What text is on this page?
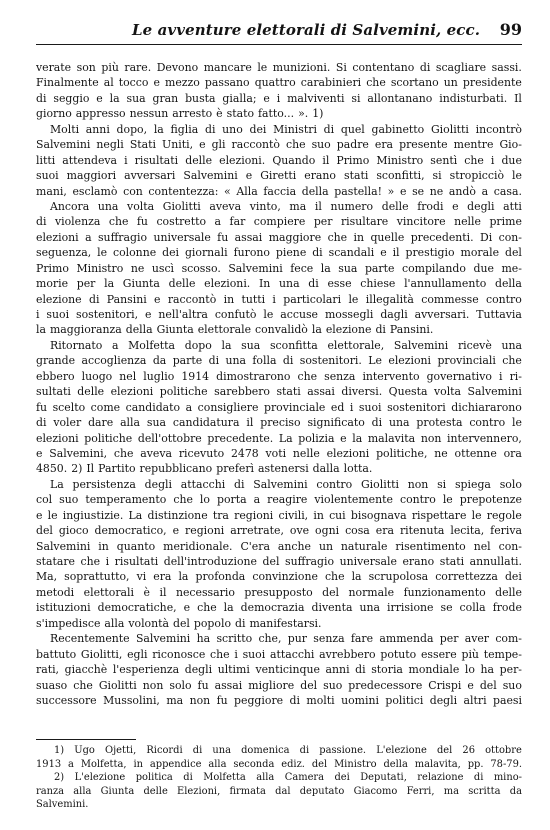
Le avventure elettorali di Salvemini, ecc. 99
verate son più rare. Devono mancare le munizioni. Si contentano di scagliare sassi.
Finalmente al tocco e mezzo passano quattro carabinieri che scortano un presidente
di seggio e la sua gran busta gialla; e i malviventi si allontanano indisturbati. Il
giorno appresso nessun arresto è stato fatto... ». 1)
Molti anni dopo, la figlia di uno dei Ministri di quel gabinetto Giolitti incontrò
Salvemini negli Stati Uniti, e gli raccontò che suo padre era presente mentre Gio-
litti attendeva i risultati delle elezioni. Quando il Primo Ministro sentì che i due
suoi maggiori avversari Salvemini e Giretti erano stati sconfitti, si stropicciò le
mani, esclamò con contentezza: « Alla faccia della pastella! » e se ne andò a casa.
Ancora una volta Giolitti aveva vinto, ma il numero delle frodi e degli atti
di violenza che fu costretto a far compiere per risultare vincitore nelle prime
elezioni a suffragio universale fu assai maggiore che in quelle precedenti. Di con-
seguenza, le colonne dei giornali furono piene di scandali e il prestigio morale del
Primo Ministro ne uscì scosso. Salvemini fece la sua parte compilando due me-
morie per la Giunta delle elezioni. In una di esse chiese l'annullamento della
elezione di Pansini e raccontò in tutti i particolari le illegalità commesse contro
i suoi sostenitori, e nell'altra confutò le accuse mossegli dagli avversari. Tuttavia
la maggioranza della Giunta elettorale convalidò la elezione di Pansini.
Ritornato a Molfetta dopo la sua sconfitta elettorale, Salvemini ricevè una
grande accoglienza da parte di una folla di sostenitori. Le elezioni provinciali che
ebbero luogo nel luglio 1914 dimostrarono che senza intervento governativo i ri-
sultati delle elezioni politiche sarebbero stati assai diversi. Questa volta Salvemini
fu scelto come candidato a consigliere provinciale ed i suoi sostenitori dichiararono
di voler dare alla sua candidatura il preciso significato di una protesta contro le
elezioni politiche dell'ottobre precedente. La polizia e la malavita non intervennero,
e Salvemini, che aveva ricevuto 2478 voti nelle elezioni politiche, ne ottenne ora
4850. 2) Il Partito repubblicano preferì astenersi dalla lotta.
La persistenza degli attacchi di Salvemini contro Giolitti non si spiega solo
col suo temperamento che lo porta a reagire violentemente contro le prepotenze
e le ingiustizie. La distinzione tra regioni civili, in cui bisognava rispettare le regole
del gioco democratico, e regioni arretrate, ove ogni cosa era ritenuta lecita, feriva
Salvemini in quanto meridionale. C'era anche un naturale risentimento nel con-
statare che i risultati dell'introduzione del suffragio universale erano stati annullati.
Ma, soprattutto, vi era la profonda convinzione che la scrupolosa correttezza dei
metodi elettorali è il necessario presupposto del normale funzionamento delle
istituzioni democratiche, e che la democrazia diventa una irrisione se colla frode
s'impedisce alla volontà del popolo di manifestarsi.
Recentemente Salvemini ha scritto che, pur senza fare ammenda per aver com-
battuto Giolitti, egli riconosce che i suoi attacchi avrebbero potuto essere più tempe-
rati, giacchè l'esperienza degli ultimi venticinque anni di storia mondiale lo ha per-
suaso che Giolitti non solo fu assai migliore del suo predecessore Crispi e del suo
successore Mussolini, ma non fu peggiore di molti uomini politici degli altri paesi
1) Ugo Ojetti, Ricordi di una domenica di passione. L'elezione del 26 ottobre
1913 a Molfetta, in appendice alla seconda ediz. del Ministro della malavita, pp. 78-79.
2) L'elezione politica di Molfetta alla Camera dei Deputati, relazione di mino-
ranza alla Giunta delle Elezioni, firmata dal deputato Giacomo Ferri, ma scritta da
Salvemini.
